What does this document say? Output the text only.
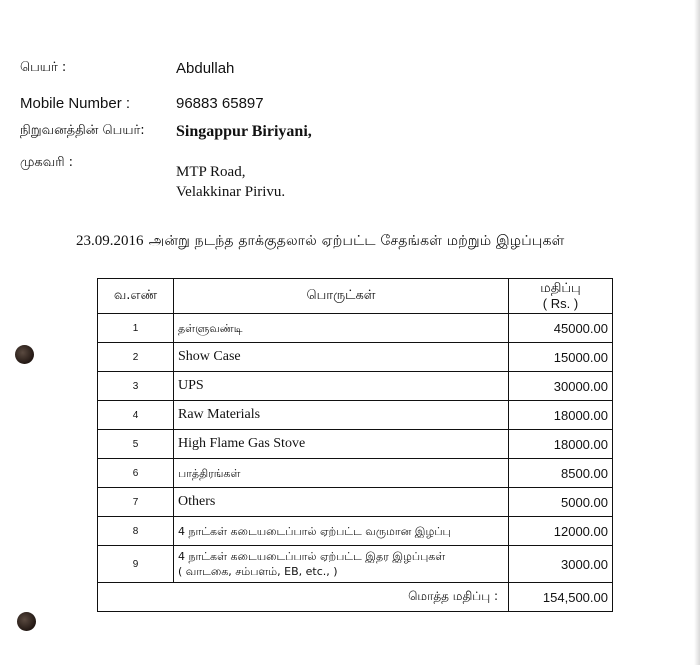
பெயர் :	Abdullah
Mobile Number :	96883 65897
நிறுவனத்தின் பெயர்: Singappur Biriyani,
முகவரி :
MTP Road,
Velakkinar Pirivu.
23.09.2016 அன்று நடந்த தாக்குதலால் ஏற்பட்ட சேதங்கள் மற்றும் இழப்புகள்
வ.எண்	பொருட்கள்	மதிப்பு
( Rs. )

1	தள்ளுவண்டி	45000.00
2	Show Case	15000.00
3	UPS	30000.00
4	Raw Materials	18000.00
5	High Flame Gas Stove	18000.00
6	பாத்திரங்கள்	8500.00
7	Others	5000.00
8	4 நாட்கள் கடையடைப்பால் ஏற்பட்ட வருமான இழப்பு	12000.00
9	4 நாட்கள் கடையடைப்பால் ஏற்பட்ட இதர இழப்புகள்
( வாடகை, சம்பளம், EB, etc., )	3000.00
மொத்த மதிப்பு :		154,500.00
